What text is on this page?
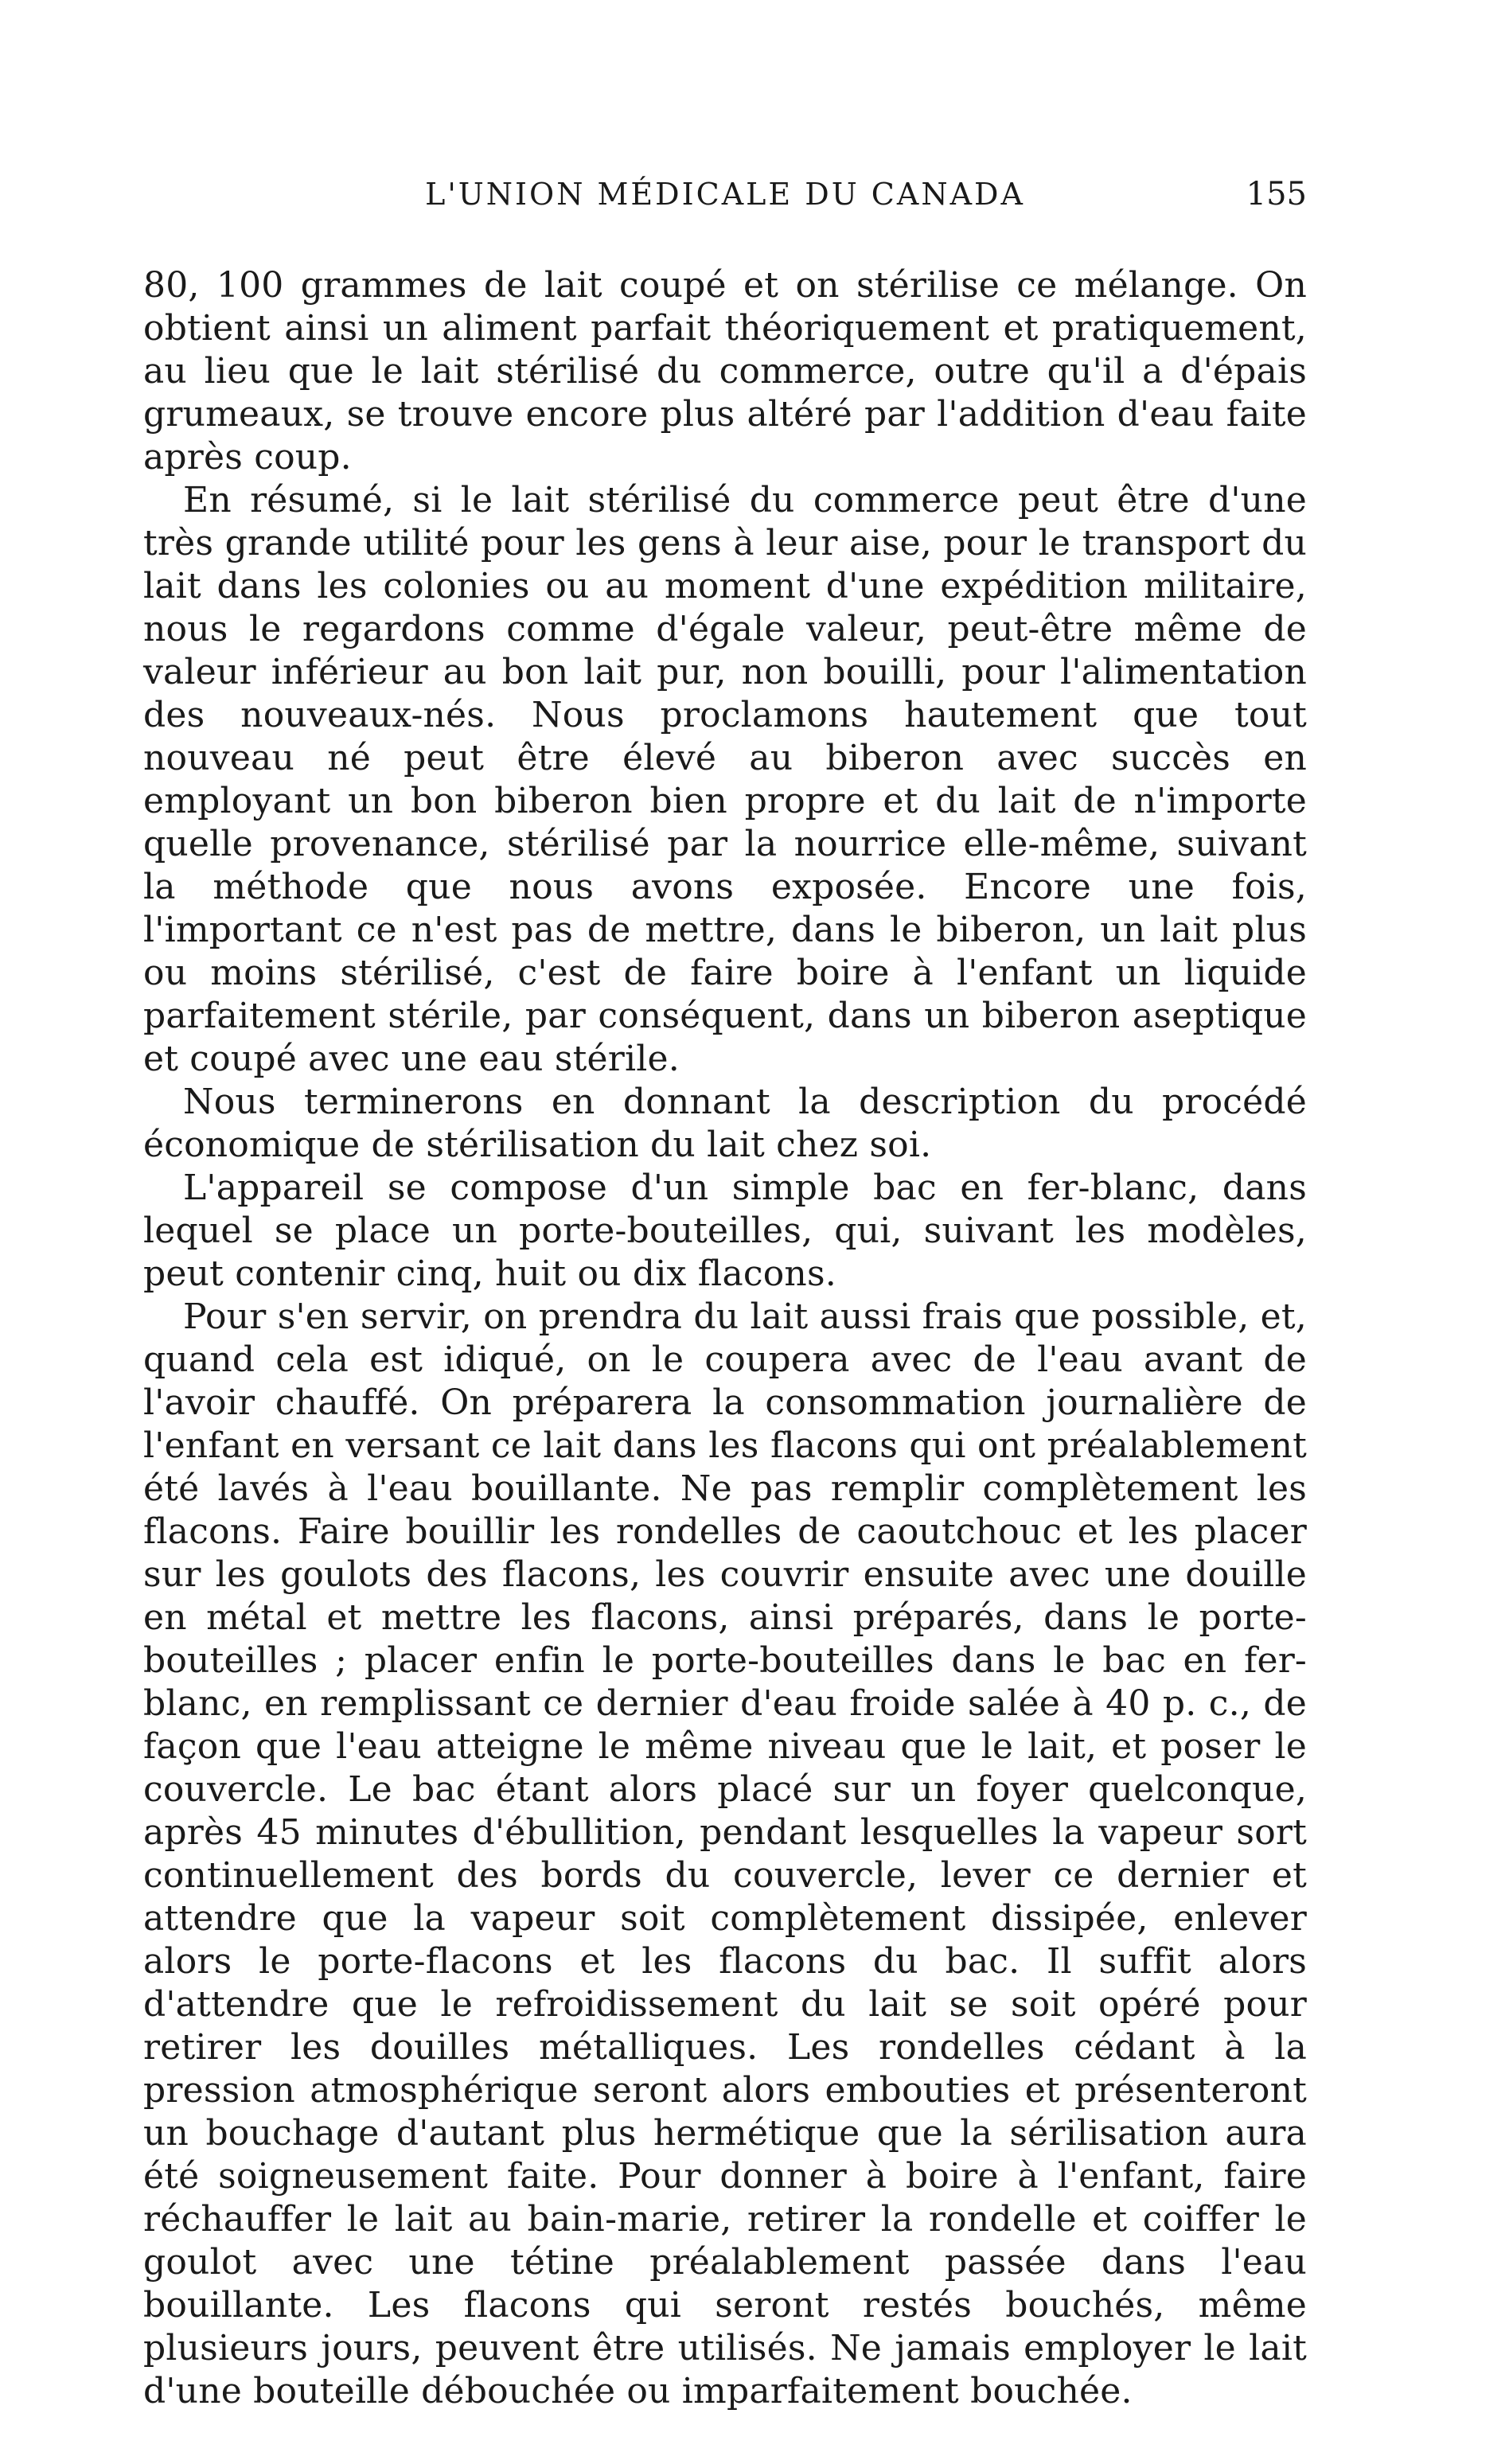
L'UNION MÉDICALE DU CANADA	155

80, 100 grammes de lait coupé et on stérilise ce mélange. On obtient ainsi un aliment parfait théoriquement et pratiquement, au lieu que le lait stérilisé du commerce, outre qu'il a d'épais grumeaux, se trouve encore plus altéré par l'addition d'eau faite après coup.

En résumé, si le lait stérilisé du commerce peut être d'une très grande utilité pour les gens à leur aise, pour le transport du lait dans les colonies ou au moment d'une expédition militaire, nous le regardons comme d'égale valeur, peut-être même de valeur inférieur au bon lait pur, non bouilli, pour l'alimentation des nouveaux-nés. Nous proclamons hautement que tout nouveau né peut être élevé au biberon avec succès en employant un bon biberon bien propre et du lait de n'importe quelle provenance, stérilisé par la nourrice elle-même, suivant la méthode que nous avons exposée. Encore une fois, l'important ce n'est pas de mettre, dans le biberon, un lait plus ou moins stérilisé, c'est de faire boire à l'enfant un liquide parfaitement stérile, par conséquent, dans un biberon aseptique et coupé avec une eau stérile.

Nous terminerons en donnant la description du procédé économique de stérilisation du lait chez soi.

L'appareil se compose d'un simple bac en fer-blanc, dans lequel se place un porte-bouteilles, qui, suivant les modèles, peut contenir cinq, huit ou dix flacons.

Pour s'en servir, on prendra du lait aussi frais que possible, et, quand cela est idiqué, on le coupera avec de l'eau avant de l'avoir chauffé. On préparera la consommation journalière de l'enfant en versant ce lait dans les flacons qui ont préalablement été lavés à l'eau bouillante. Ne pas remplir complètement les flacons. Faire bouillir les rondelles de caoutchouc et les placer sur les goulots des flacons, les couvrir ensuite avec une douille en métal et mettre les flacons, ainsi préparés, dans le porte-bouteilles ; placer enfin le porte-bouteilles dans le bac en fer-blanc, en remplissant ce dernier d'eau froide salée à 40 p. c., de façon que l'eau atteigne le même niveau que le lait, et poser le couvercle. Le bac étant alors placé sur un foyer quelconque, après 45 minutes d'ébullition, pendant lesquelles la vapeur sort continuellement des bords du couvercle, lever ce dernier et attendre que la vapeur soit complètement dissipée, enlever alors le porte-flacons et les flacons du bac. Il suffit alors d'attendre que le refroidissement du lait se soit opéré pour retirer les douilles métalliques. Les rondelles cédant à la pression atmosphérique seront alors embouties et présenteront un bouchage d'autant plus hermétique que la sérilisation aura été soigneusement faite. Pour donner à boire à l'enfant, faire réchauffer le lait au bain-marie, retirer la rondelle et coiffer le goulot avec une tétine préalablement passée dans l'eau bouillante. Les flacons qui seront restés bouchés, même plusieurs jours, peuvent être utilisés. Ne jamais employer le lait d'une bouteille débouchée ou imparfaitement bouchée.
